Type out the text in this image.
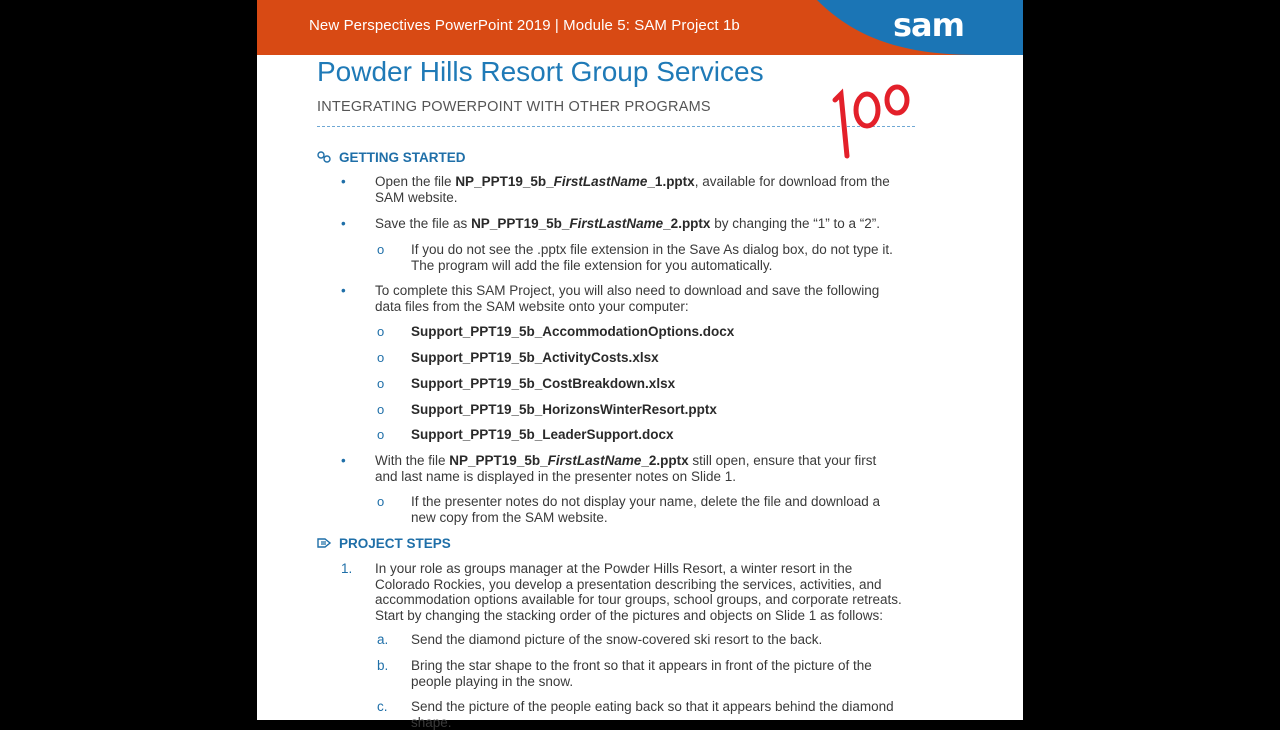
New Perspectives PowerPoint 2019 | Module 5: SAM Project 1b	sam
Powder Hills Resort Group Services
INTEGRATING POWERPOINT WITH OTHER PROGRAMS
GETTING STARTED
• Open the file NP_PPT19_5b_FirstLastName_1.pptx, available for download from the
SAM website.
• Save the file as NP_PPT19_5b_FirstLastName_2.pptx by changing the “1” to a “2”.
o If you do not see the .pptx file extension in the Save As dialog box, do not type it.
The program will add the file extension for you automatically.
• To complete this SAM Project, you will also need to download and save the following
data files from the SAM website onto your computer:
o Support_PPT19_5b_AccommodationOptions.docx
o Support_PPT19_5b_ActivityCosts.xlsx
o Support_PPT19_5b_CostBreakdown.xlsx
o Support_PPT19_5b_HorizonsWinterResort.pptx
o Support_PPT19_5b_LeaderSupport.docx
• With the file NP_PPT19_5b_FirstLastName_2.pptx still open, ensure that your first
and last name is displayed in the presenter notes on Slide 1.
o If the presenter notes do not display your name, delete the file and download a
new copy from the SAM website.
PROJECT STEPS
1. In your role as groups manager at the Powder Hills Resort, a winter resort in the
Colorado Rockies, you develop a presentation describing the services, activities, and
accommodation options available for tour groups, school groups, and corporate retreats.
Start by changing the stacking order of the pictures and objects on Slide 1 as follows:
a. Send the diamond picture of the snow-covered ski resort to the back.
b. Bring the star shape to the front so that it appears in front of the picture of the
people playing in the snow.
c. Send the picture of the people eating back so that it appears behind the diamond
shape.
